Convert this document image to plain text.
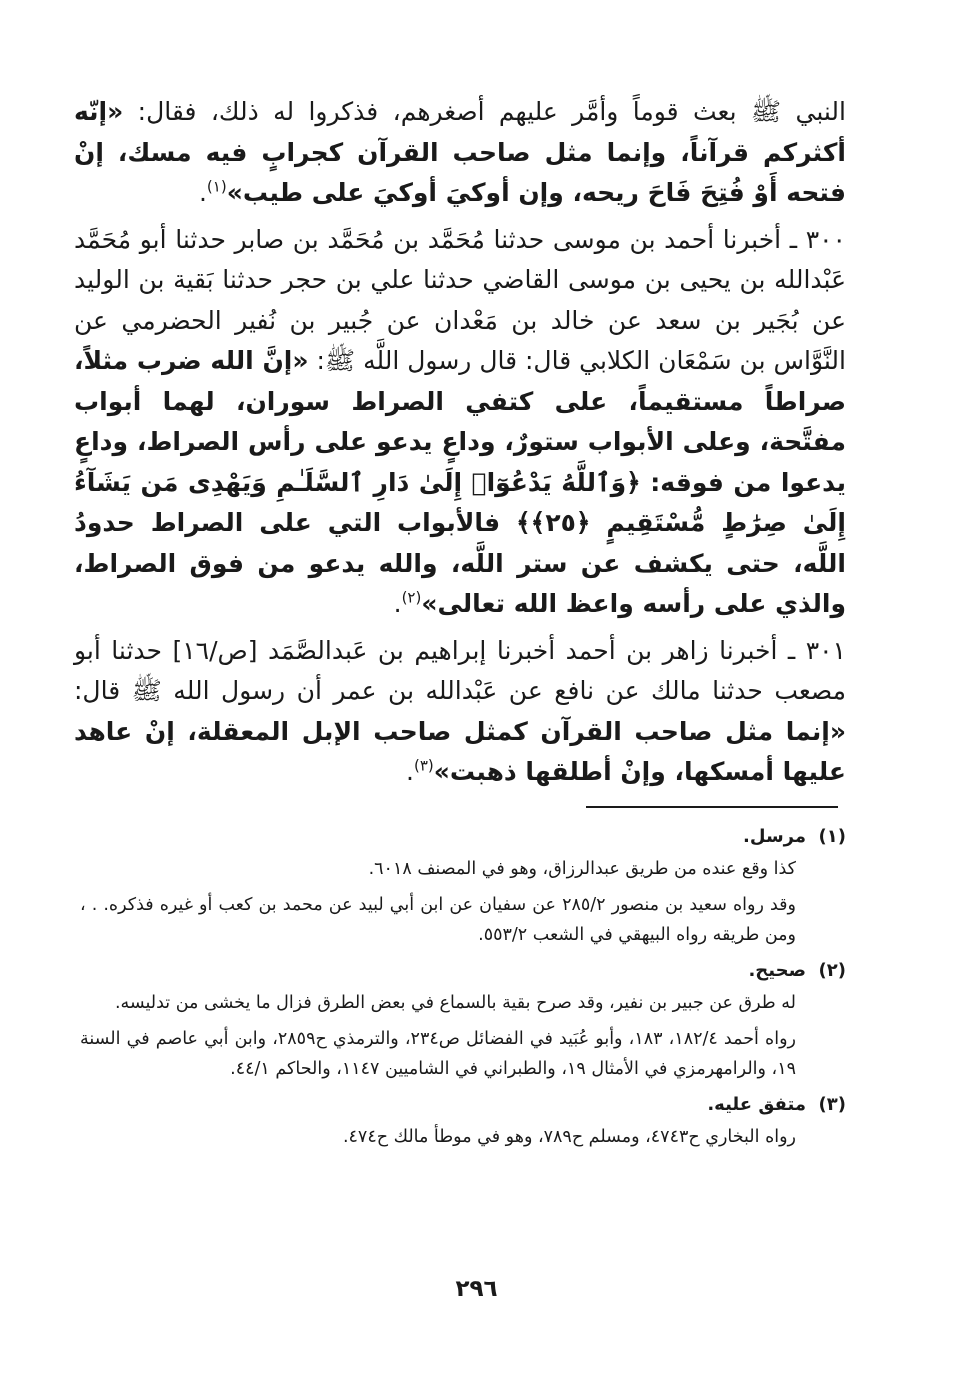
النبي ﷺ بعث قوماً وأمَّر عليهم أصغرهم، فذكروا له ذلك، فقال: «إنّه أكثركم قرآناً، وإنما مثل صاحب القرآن كجرابٍ فيه مسك، إنْ فتحه أَوْ فُتِحَ فَاحَ ريحه، وإن أوكيَ أوكيَ على طيب»$^{(١)}$.

٣٠٠ ـ أخبرنا أحمد بن موسى حدثنا مُحَمَّد بن مُحَمَّد بن صابر حدثنا أبو مُحَمَّد عَبْدالله بن يحيى بن موسى القاضي حدثنا علي بن حجر حدثنا بَقية بن الوليد عن بُجَير بن سعد عن خالد بن مَعْدان عن جُبير بن نُفير الحضرمي عن النَّوَّاس بن سَمْعَان الكلابي قال: قال رسول اللَّه ﷺ: «إنَّ الله ضرب مثلاً، صراطاً مستقيماً، على كتفي الصراط سوران، لهما أبواب مفتَّحة، وعلى الأبواب ستورٌ، وداعٍ يدعو على رأس الصراط، وداعٍ يدعوا من فوقه: ﴿وَٱللَّهُ يَدْعُوٓا۟ إِلَىٰ دَارِ ٱلسَّلَـٰمِ وَيَهْدِى مَن يَشَآءُ إِلَىٰ صِرَٰطٍ مُّسْتَقِيمٍ ﴿٢٥﴾﴾ فالأبواب التي على الصراط حدودُ اللَّه، حتى يكشف عن ستر اللَّه، والله يدعو من فوق الصراط، والذي على رأسه واعظ الله تعالى»$^{(٢)}$.

٣٠١ ـ أخبرنا زاهر بن أحمد أخبرنا إبراهيم بن عَبدالصَّمَد [ص/١٦] حدثنا أبو مصعب حدثنا مالك عن نافع عن عَبْدالله بن عمر أن رسول الله ﷺ قال: «إنما مثل صاحب القرآن كمثل صاحب الإبل المعقلة، إنْ عاهد عليها أمسكها، وإنْ أطلقها ذهبت»$^{(٣)}$.

(١)مرسل.

كذا وقع عنده من طريق عبدالرزاق، وهو في المصنف ٦٠١٨.

وقد رواه سعيد بن منصور ٢٨٥/٢ عن سفيان عن ابن أبي لبيد عن محمد بن كعب أو غيره فذكره. . ، ومن طريقه رواه البيهقي في الشعب ٥٥٣/٢.

(٢)صحيح.

له طرق عن جبير بن نفير، وقد صرح بقية بالسماع في بعض الطرق فزال ما يخشى من تدليسه.

رواه أحمد ١٨٢/٤، ١٨٣، وأبو عُبَيد في الفضائل ص٢٣٤، والترمذي ح٢٨٥٩، وابن أبي عاصم في السنة ١٩، والرامهرمزي في الأمثال ١٩، والطبراني في الشاميين ١١٤٧، والحاكم ٤٤/١.

(٣)متفق عليه.

رواه البخاري ح٤٧٤٣، ومسلم ح٧٨٩، وهو في موطأ مالك ح٤٧٤.

٢٩٦
